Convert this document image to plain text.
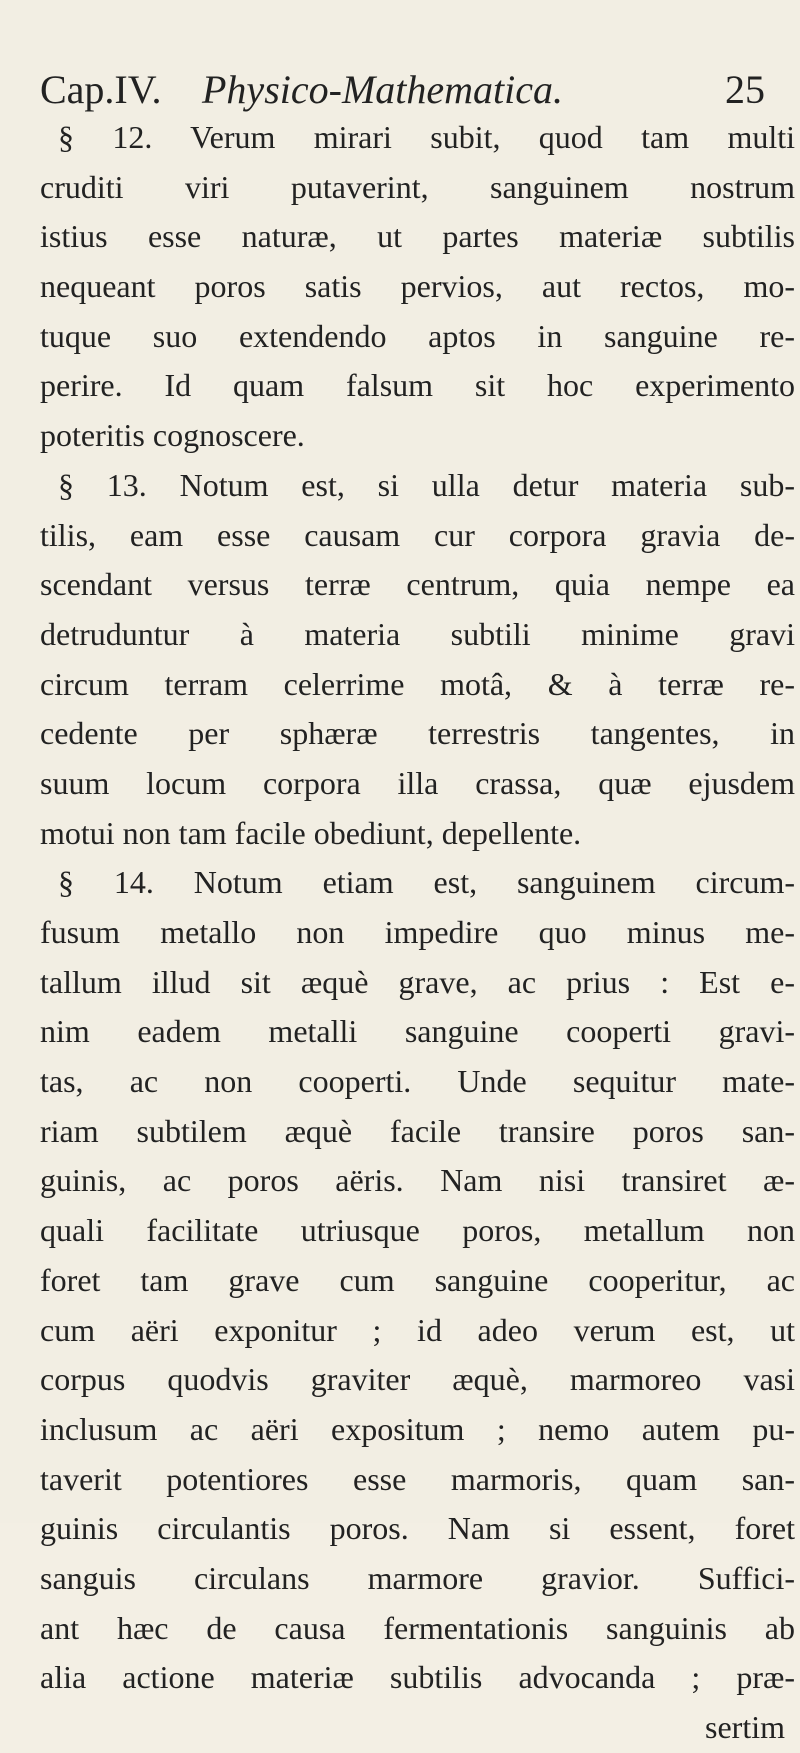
Cap.IV. Physico-Mathematica.	25
§ 12. Verum mirari subit, quod tam multi
cruditi viri putaverint, sanguinem nostrum
istius esse naturæ, ut partes materiæ subtilis
nequeant poros satis pervios, aut rectos, mo-
tuque suo extendendo aptos in sanguine re-
perire. Id quam falsum sit hoc experimento
poteritis cognoscere.
§ 13. Notum est, si ulla detur materia sub-
tilis, eam esse causam cur corpora gravia de-
scendant versus terræ centrum, quia nempe ea
detruduntur à materia subtili minime gravi
circum terram celerrime motâ, & à terræ re-
cedente per sphæræ terrestris tangentes, in
suum locum corpora illa crassa, quæ ejusdem
motui non tam facile obediunt, depellente.
§ 14. Notum etiam est, sanguinem circum-
fusum metallo non impedire quo minus me-
tallum illud sit æquè grave, ac prius : Est e-
nim eadem metalli sanguine cooperti gravi-
tas, ac non cooperti. Unde sequitur mate-
riam subtilem æquè facile transire poros san-
guinis, ac poros aëris. Nam nisi transiret æ-
quali facilitate utriusque poros, metallum non
foret tam grave cum sanguine cooperitur, ac
cum aëri exponitur ; id adeo verum est, ut
corpus quodvis graviter æquè, marmoreo vasi
inclusum ac aëri expositum ; nemo autem pu-
taverit potentiores esse marmoris, quam san-
guinis circulantis poros. Nam si essent, foret
sanguis circulans marmore gravior. Suffici-
ant hæc de causa fermentationis sanguinis ab
alia actione materiæ subtilis advocanda ; præ-
sertim
